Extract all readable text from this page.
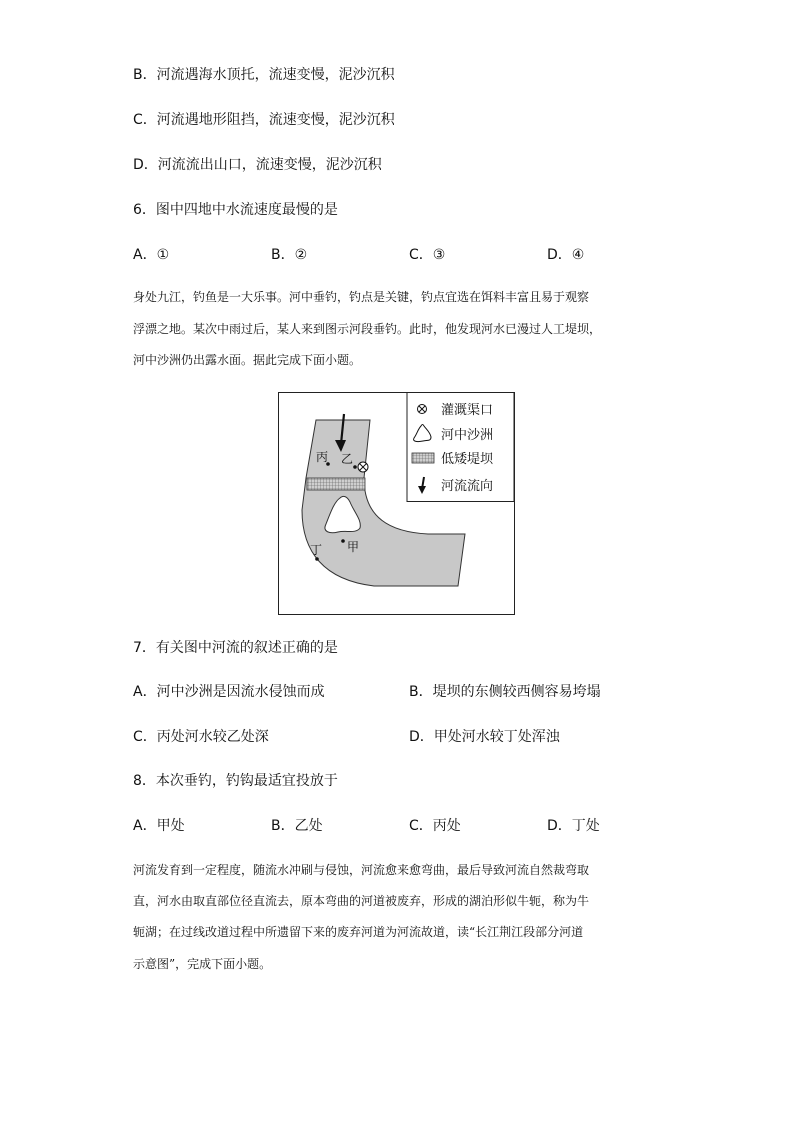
B．河流遇海水顶托，流速变慢，泥沙沉积
C．河流遇地形阻挡，流速变慢，泥沙沉积
D．河流流出山口，流速变慢，泥沙沉积
6．图中四地中水流速度最慢的是
A．①	B．②	C．③	D．④
身处九江，钓鱼是一大乐事。河中垂钓，钓点是关键，钓点宜选在饵料丰富且易于观察
浮漂之地。某次中雨过后，某人来到图示河段垂钓。此时，他发现河水已漫过人工堤坝，
河中沙洲仍出露水面。据此完成下面小题。
丙 乙
甲
丁
灌溉渠口
河中沙洲
低矮堤坝
河流流向
7．有关图中河流的叙述正确的是
A．河中沙洲是因流水侵蚀而成	B．堤坝的东侧较西侧容易垮塌
C．丙处河水较乙处深	D．甲处河水较丁处浑浊
8．本次垂钓，钓钩最适宜投放于
A．甲处	B．乙处	C．丙处	D．丁处
河流发育到一定程度，随流水冲刷与侵蚀，河流愈来愈弯曲，最后导致河流自然裁弯取
直，河水由取直部位径直流去，原本弯曲的河道被废弃，形成的湖泊形似牛轭，称为牛
轭湖；在过线改道过程中所遗留下来的废弃河道为河流故道，读“长江荆江段部分河道
示意图”，完成下面小题。
